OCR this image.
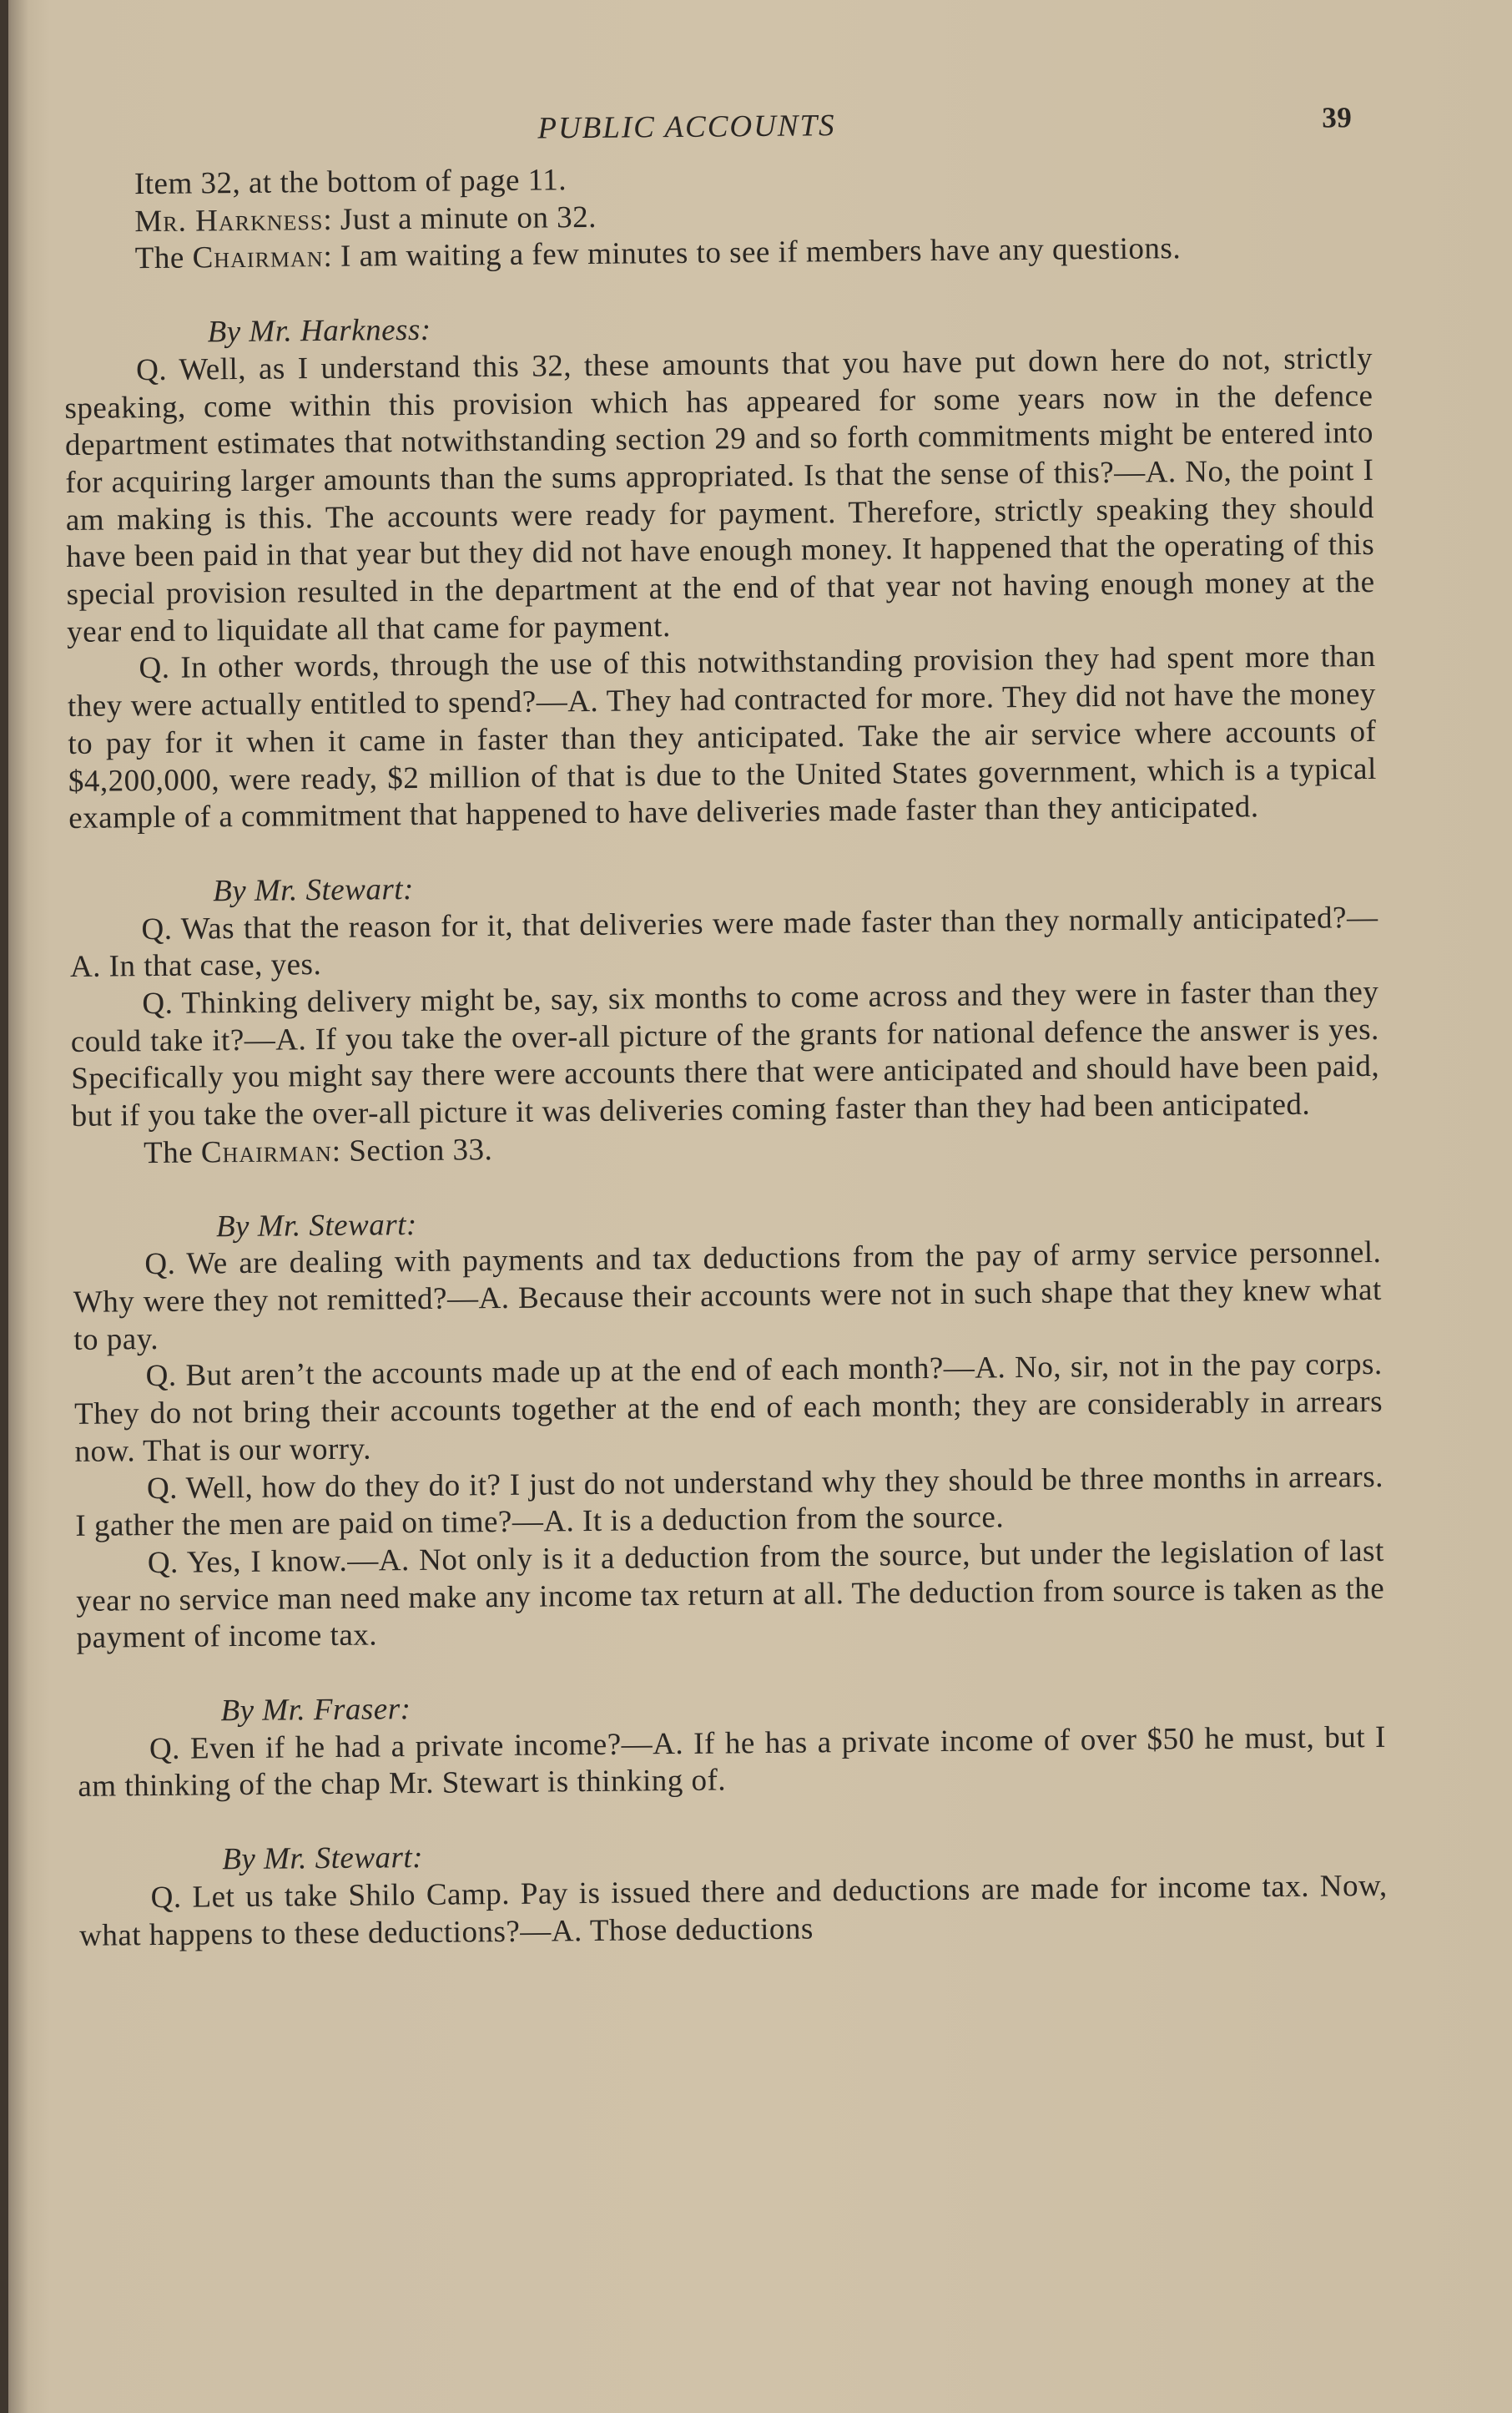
PUBLIC ACCOUNTS	39

Item 32, at the bottom of page 11.

Mr. Harkness: Just a minute on 32.

The Chairman: I am waiting a few minutes to see if members have any questions.

By Mr. Harkness:

Q. Well, as I understand this 32, these amounts that you have put down here do not, strictly speaking, come within this provision which has appeared for some years now in the defence department estimates that notwithstanding section 29 and so forth commitments might be entered into for acquiring larger amounts than the sums appropriated. Is that the sense of this?—A. No, the point I am making is this. The accounts were ready for payment. Therefore, strictly speaking they should have been paid in that year but they did not have enough money. It happened that the operating of this special provision resulted in the department at the end of that year not having enough money at the year end to liquidate all that came for payment.

Q. In other words, through the use of this notwithstanding provision they had spent more than they were actually entitled to spend?—A. They had contracted for more. They did not have the money to pay for it when it came in faster than they anticipated. Take the air service where accounts of $4,200,000, were ready, $2 million of that is due to the United States government, which is a typical example of a commitment that happened to have deliveries made faster than they anticipated.

By Mr. Stewart:

Q. Was that the reason for it, that deliveries were made faster than they normally anticipated?—A. In that case, yes.

Q. Thinking delivery might be, say, six months to come across and they were in faster than they could take it?—A. If you take the over-all picture of the grants for national defence the answer is yes. Specifically you might say there were accounts there that were anticipated and should have been paid, but if you take the over-all picture it was deliveries coming faster than they had been anticipated.

The Chairman: Section 33.

By Mr. Stewart:

Q. We are dealing with payments and tax deductions from the pay of army service personnel. Why were they not remitted?—A. Because their accounts were not in such shape that they knew what to pay.

Q. But aren’t the accounts made up at the end of each month?—A. No, sir, not in the pay corps. They do not bring their accounts together at the end of each month; they are considerably in arrears now. That is our worry.

Q. Well, how do they do it? I just do not understand why they should be three months in arrears. I gather the men are paid on time?—A. It is a deduction from the source.

Q. Yes, I know.—A. Not only is it a deduction from the source, but under the legislation of last year no service man need make any income tax return at all. The deduction from source is taken as the payment of income tax.

By Mr. Fraser:

Q. Even if he had a private income?—A. If he has a private income of over $50 he must, but I am thinking of the chap Mr. Stewart is thinking of.

By Mr. Stewart:

Q. Let us take Shilo Camp. Pay is issued there and deductions are made for income tax. Now, what happens to these deductions?—A. Those deductions
